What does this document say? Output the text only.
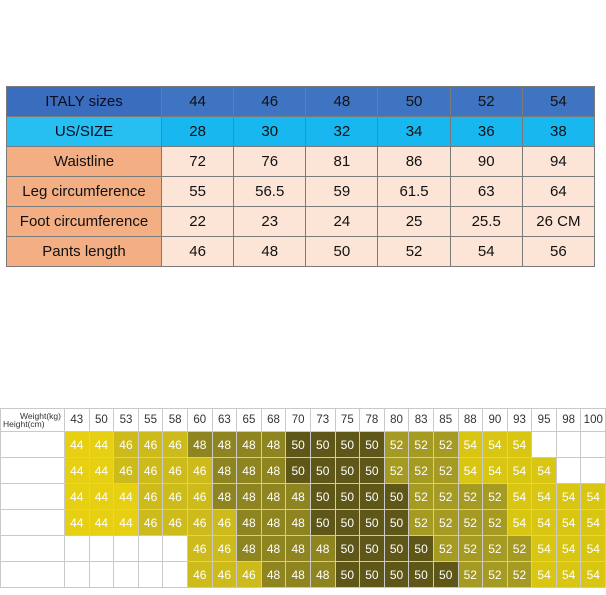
ITALY sizes	44	46	48	50	52	54
US/SIZE	28	30	32	34	36	38
Waistline	72	76	81	86	90	94
Leg circumference	55	56.5	59	61.5	63	64
Foot circumference	22	23	24	25	25.5	26 CM
Pants length	46	48	50	52	54	56
Weight(kg)
Height(cm)	43	50	53	55	58	60	63	65	68	70	73	75	78	80	83	85	88	90	93	95	98	100
160cm	44	44	46	46	46	48	48	48	48	50	50	50	50	52	52	52	54	54	54			
165cm	44	44	46	46	46	46	48	48	48	50	50	50	50	52	52	52	54	54	54	54		
170cm	44	44	44	46	46	46	48	48	48	48	50	50	50	50	52	52	52	52	54	54	54	54
175cm	44	44	44	46	46	46	46	48	48	48	50	50	50	50	52	52	52	52	54	54	54	54
180cm						46	46	48	48	48	48	50	50	50	50	52	52	52	52	54	54	54
185cm						46	46	46	48	48	48	50	50	50	50	50	52	52	52	54	54	54
